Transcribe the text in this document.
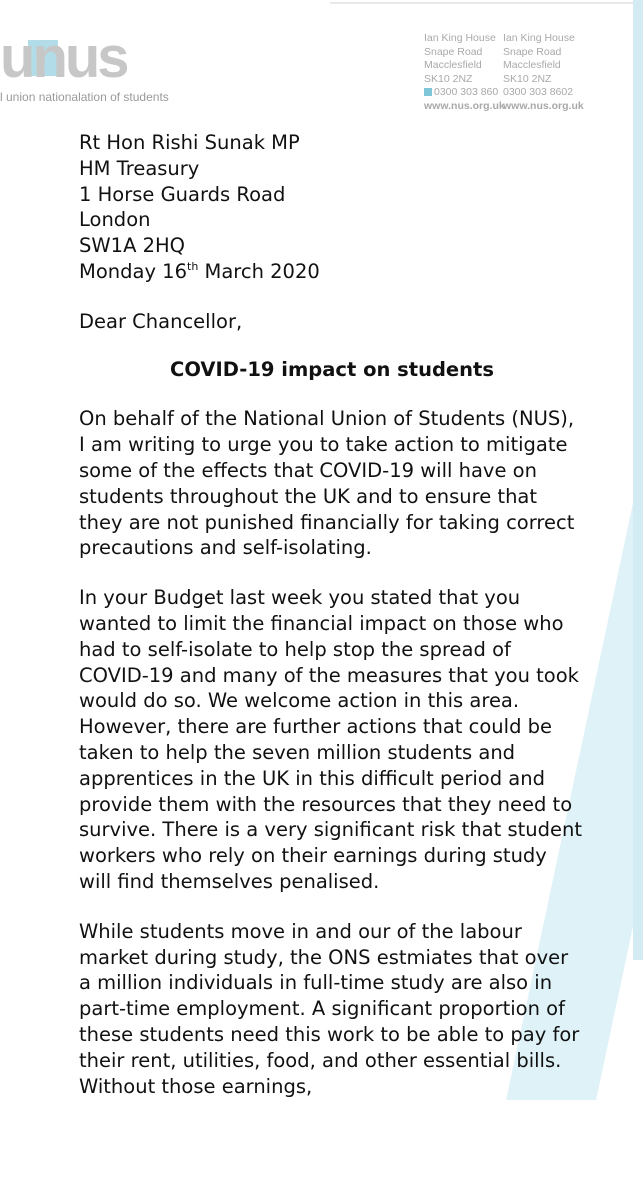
unus
l union nationalation of students
Ian King House
Snape Road
Macclesfield
SK10 2NZ
0300 303 860
www.nus.org.uk
Ian King House
Snape Road
Macclesfield
SK10 2NZ
0300 303 8602
www.nus.org.uk
Rt Hon Rishi Sunak MP
HM Treasury
1 Horse Guards Road
London
SW1A 2HQ
Monday 16th March 2020
Dear Chancellor,
COVID-19 impact on students

On behalf of the National Union of Students (NUS), I am writing to urge you to take action to mitigate some of the effects that COVID-19 will have on students throughout the UK and to ensure that they are not punished financially for taking correct precautions and self-isolating.

In your Budget last week you stated that you wanted to limit the financial impact on those who had to self-isolate to help stop the spread of COVID-19 and many of the measures that you took would do so. We welcome action in this area. However, there are further actions that could be taken to help the seven million students and apprentices in the UK in this difficult period and provide them with the resources that they need to survive. There is a very significant risk that student workers who rely on their earnings during study will find themselves penalised.

While students move in and our of the labour market during study, the ONS estmiates that over a million individuals in full-time study are also in part-time employment. A significant proportion of these students need this work to be able to pay for their rent, utilities, food, and other essential bills. Without those earnings,
